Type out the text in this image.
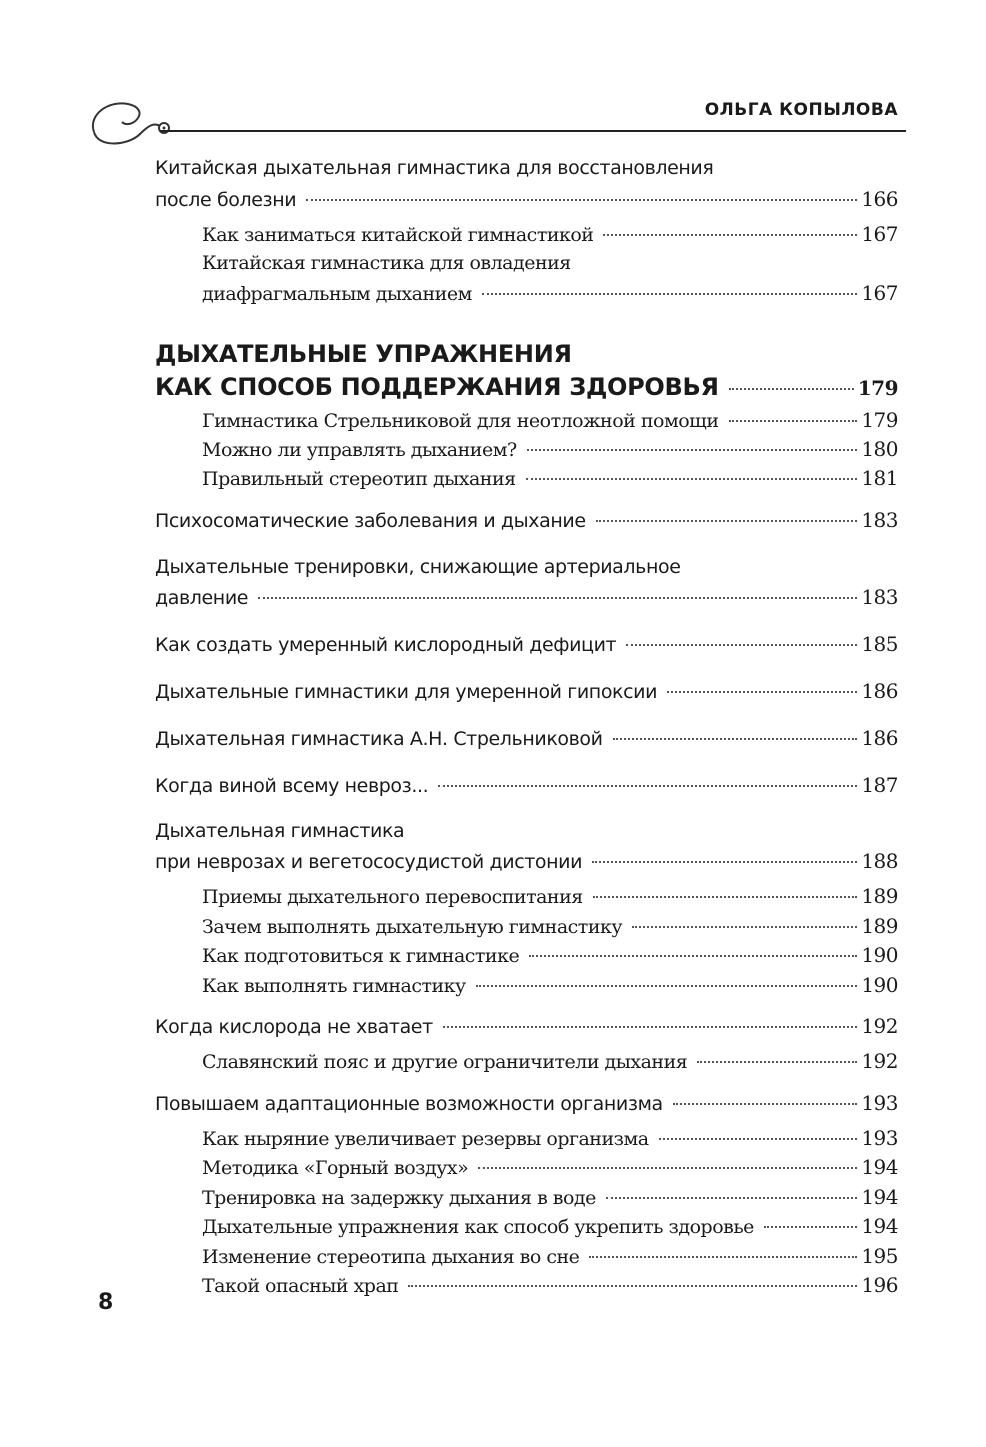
ОЛЬГА КОПЫЛОВА
Китайская дыхательная гимнастика для восстановления
после болезни	166
Как заниматься китайской гимнастикой	167
Китайская гимнастика для овладения
диафрагмальным дыханием	167
ДЫХАТЕЛЬНЫЕ УПРАЖНЕНИЯ
КАК СПОСОБ ПОДДЕРЖАНИЯ ЗДОРОВЬЯ	179
Гимнастика Стрельниковой для неотложной помощи	179
Можно ли управлять дыханием?	180
Правильный стереотип дыхания	181
Психосоматические заболевания и дыхание	183
Дыхательные тренировки, снижающие артериальное
давление	183
Как создать умеренный кислородный дефицит	185
Дыхательные гимнастики для умеренной гипоксии	186
Дыхательная гимнастика А.Н. Стрельниковой	186
Когда виной всему невроз...	187
Дыхательная гимнастика
при неврозах и вегетососудистой дистонии	188
Приемы дыхательного перевоспитания	189
Зачем выполнять дыхательную гимнастику	189
Как подготовиться к гимнастике	190
Как выполнять гимнастику	190
Когда кислорода не хватает	192
Славянский пояс и другие ограничители дыхания	192
Повышаем адаптационные возможности организма	193
Как ныряние увеличивает резервы организма	193
Методика «Горный воздух»	194
Тренировка на задержку дыхания в воде	194
Дыхательные упражнения как способ укрепить здоровье	194
Изменение стереотипа дыхания во сне	195
Такой опасный храп	196
8
